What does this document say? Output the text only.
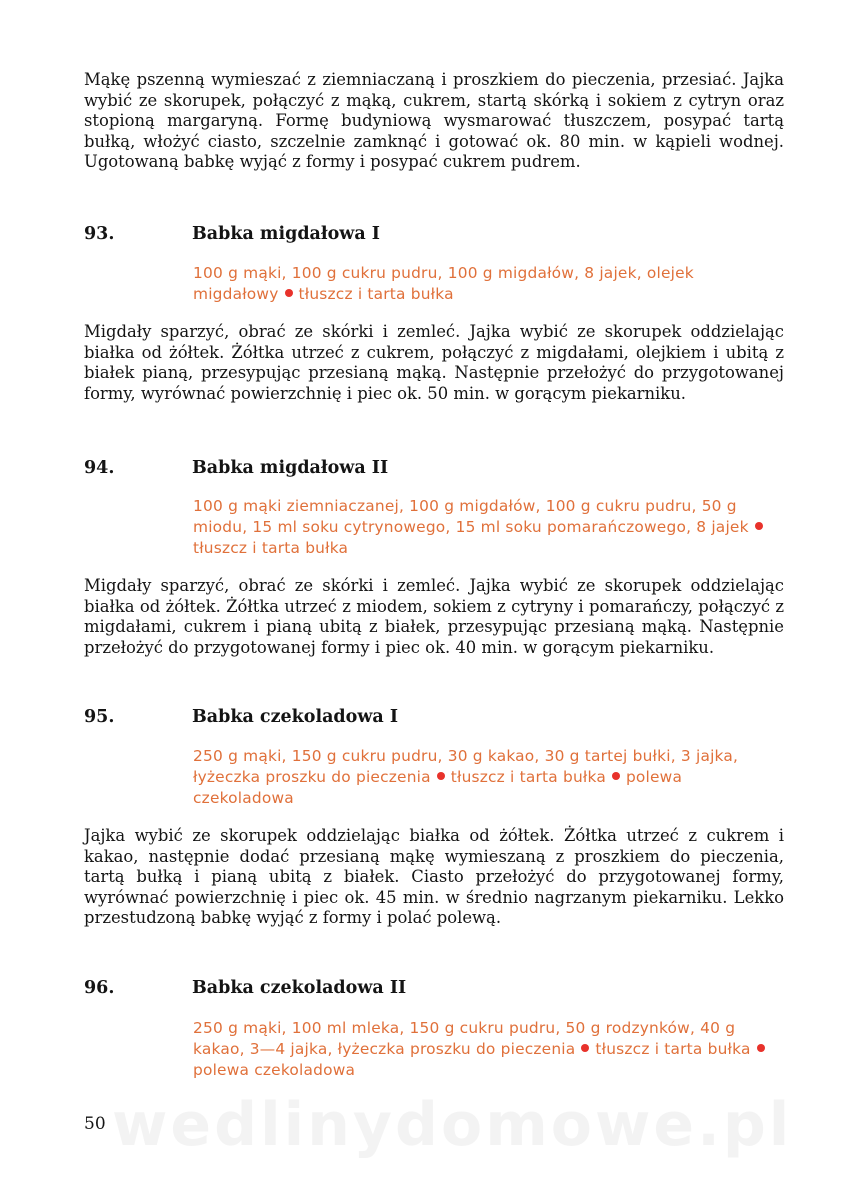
Mąkę pszenną wymieszać z ziemniaczaną i proszkiem do pieczenia, przesiać. Jajka wybić ze skorupek, połączyć z mąką, cukrem, startą skórką i sokiem z cytryn oraz stopioną margaryną. Formę budyniową wysmarować tłuszczem, posypać tartą bułką, włożyć ciasto, szczelnie zamknąć i gotować ok. 80 min. w kąpieli wodnej. Ugotowaną babkę wyjąć z formy i posypać cukrem pudrem.

93.	Babka migdałowa I

100 g mąki, 100 g cukru pudru, 100 g migdałów, 8 jajek, olejek migdałowy tłuszcz i tarta bułka

Migdały sparzyć, obrać ze skórki i zemleć. Jajka wybić ze skorupek oddzielając białka od żółtek. Żółtka utrzeć z cukrem, połączyć z migdałami, olejkiem i ubitą z białek pianą, przesypując przesianą mąką. Następnie przełożyć do przygotowanej formy, wyrównać powierzchnię i piec ok. 50 min. w gorącym piekarniku.

94.	Babka migdałowa II

100 g mąki ziemniaczanej, 100 g migdałów, 100 g cukru pudru, 50 g miodu, 15 ml soku cytrynowego, 15 ml soku pomarańczowego, 8 jajektłuszcz i tarta bułka

Migdały sparzyć, obrać ze skórki i zemleć. Jajka wybić ze skorupek oddzielając białka od żółtek. Żółtka utrzeć z miodem, sokiem z cytryny i pomarańczy, połączyć z migdałami, cukrem i pianą ubitą z białek, przesypując przesianą mąką. Następnie przełożyć do przygotowanej formy i piec ok. 40 min. w gorącym piekarniku.

95.	Babka czekoladowa I

250 g mąki, 150 g cukru pudru, 30 g kakao, 30 g tartej bułki, 3 jajka, łyżeczka proszku do pieczenia tłuszcz i tarta bułka polewa czekoladowa

Jajka wybić ze skorupek oddzielając białka od żółtek. Żółtka utrzeć z cukrem i kakao, następnie dodać przesianą mąkę wymieszaną z proszkiem do pieczenia, tartą bułką i pianą ubitą z białek. Ciasto przełożyć do przygotowanej formy, wyrównać powierzchnię i piec ok. 45 min. w średnio nagrzanym piekarniku. Lekko przestudzoną babkę wyjąć z formy i polać polewą.

96.	Babka czekoladowa II

250 g mąki, 100 ml mleka, 150 g cukru pudru, 50 g rodzynków, 40 g kakao, 3—4 jajka, łyżeczka proszku do pieczenia tłuszcz i tarta bułkapolewa czekoladowa

wedlinydomowe.pl
50
